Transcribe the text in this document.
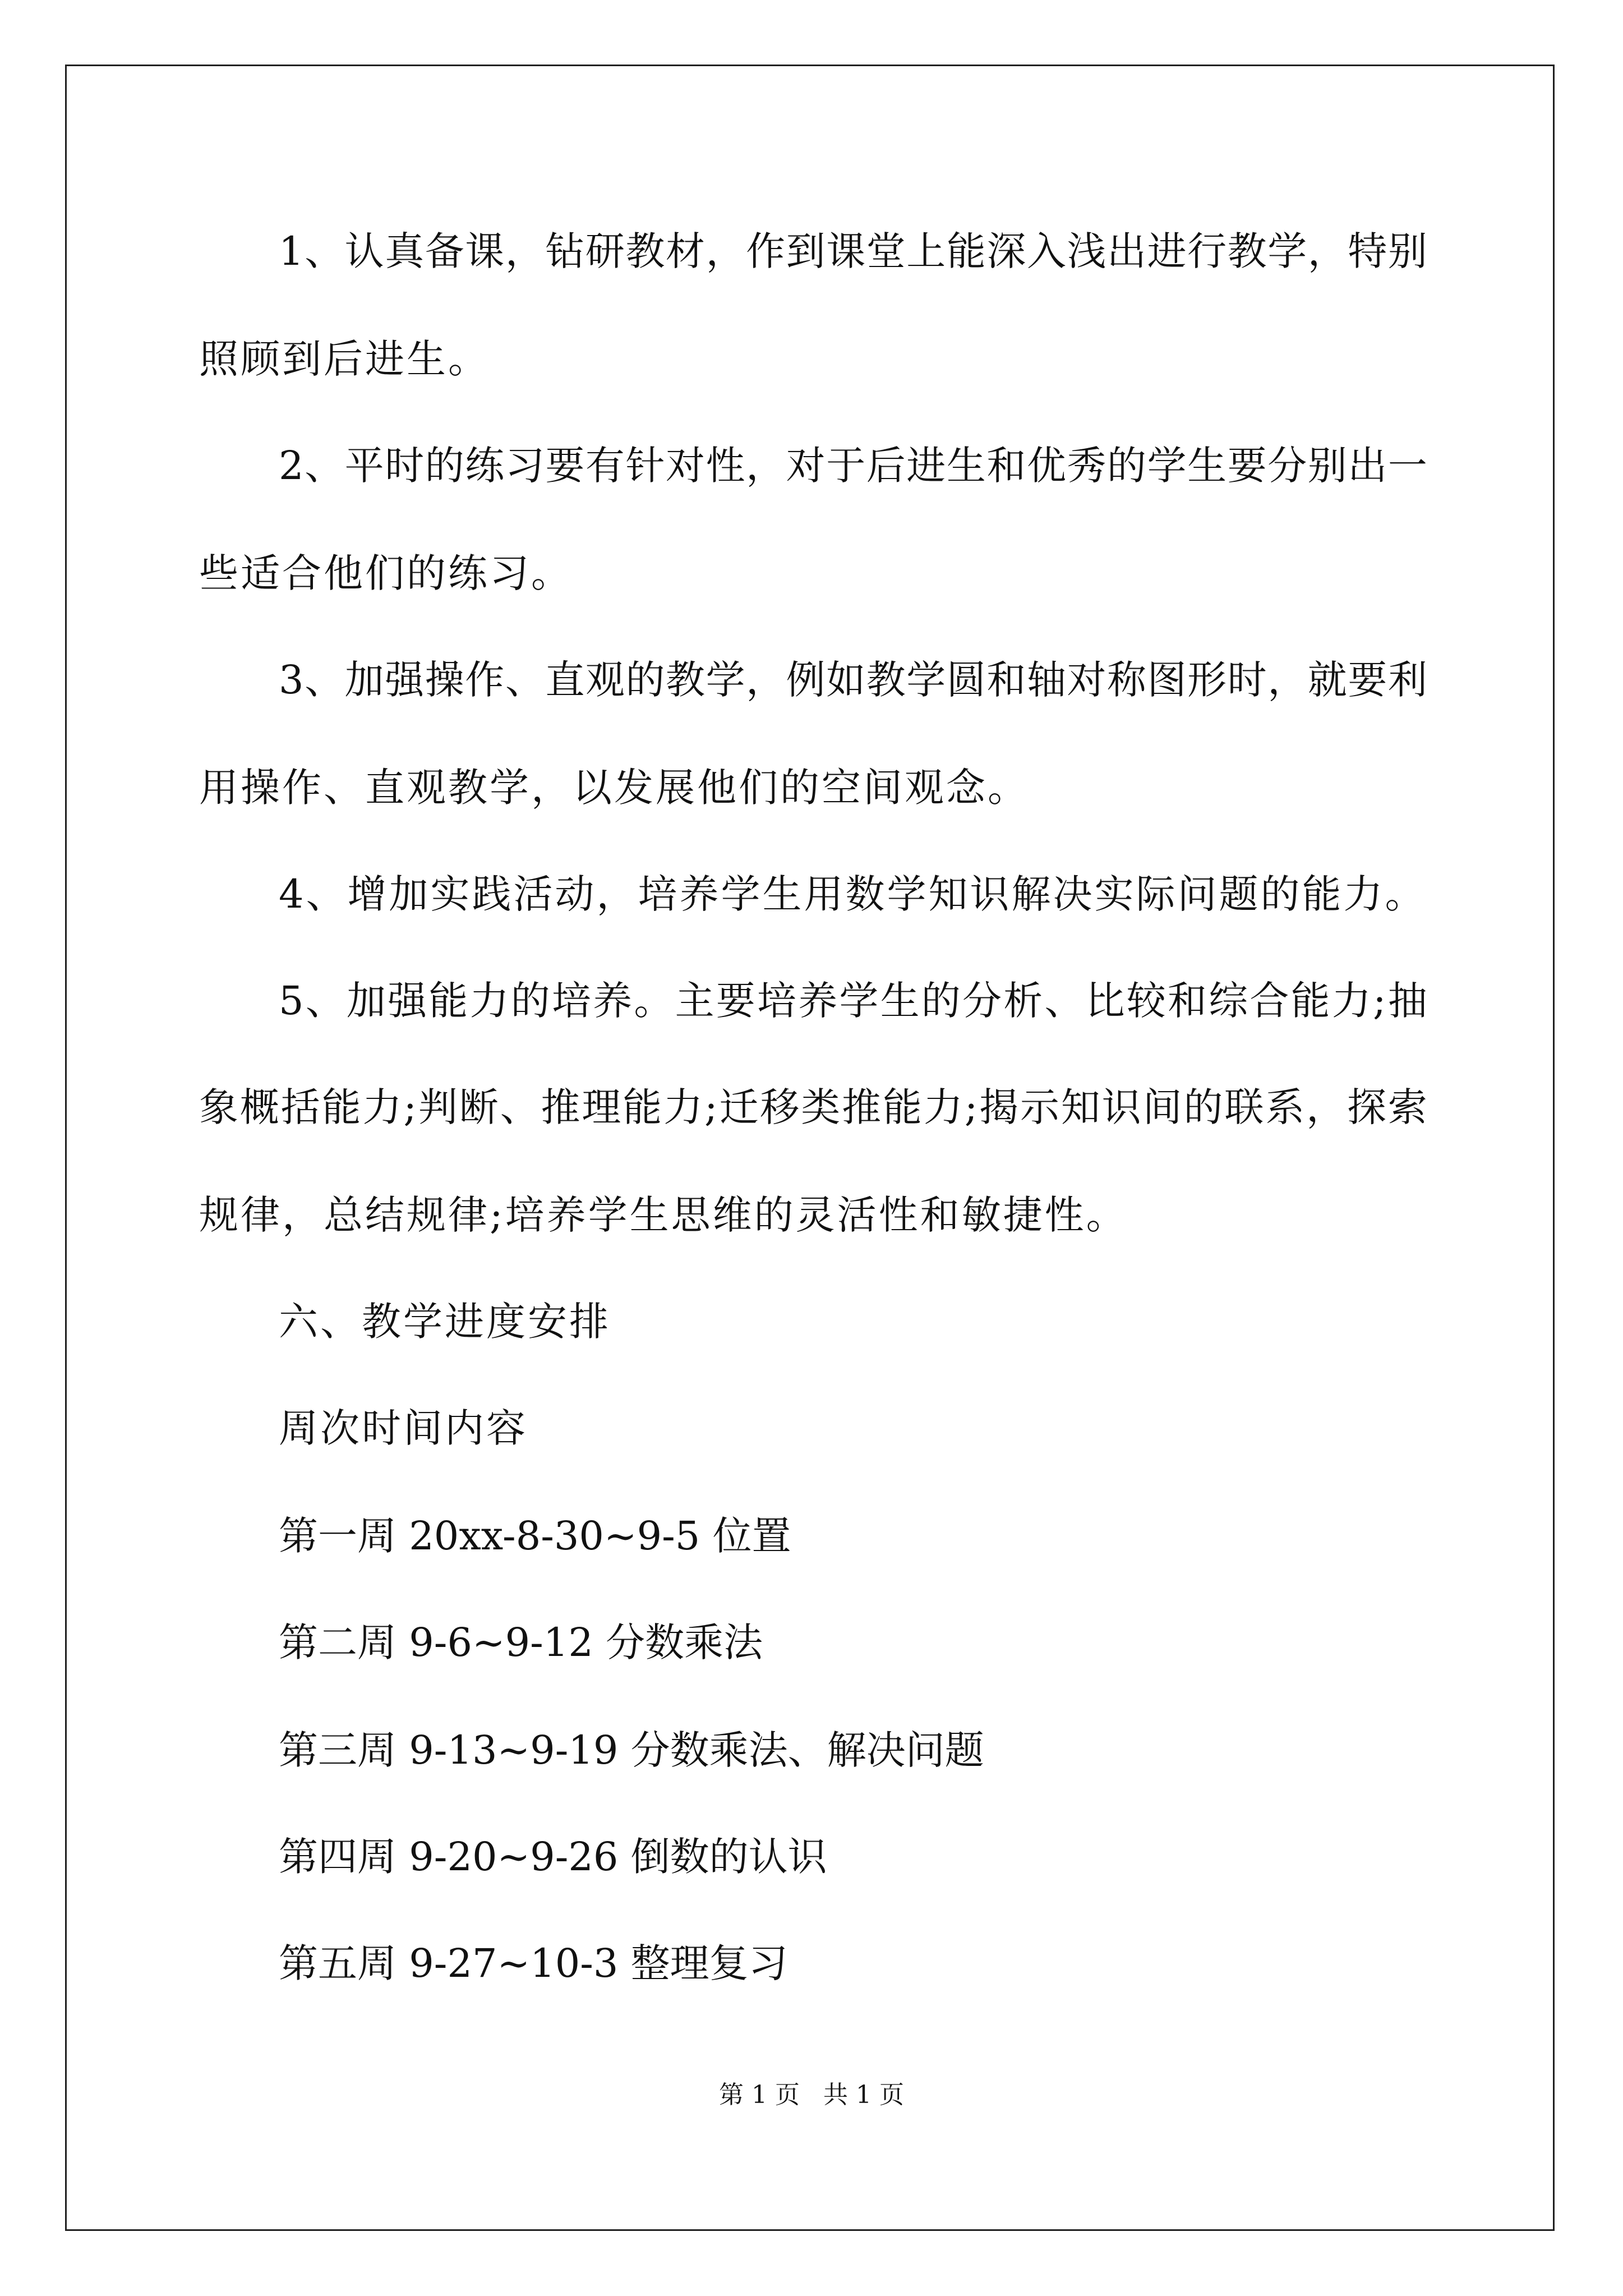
1 、 认 真 备 课 ， 钻 研 教 材 ， 作 到 课 堂 上 能 深 入 浅 出 进 行 教 学 ， 特 别
照顾到后进生。
2 、 平 时 的 练 习 要 有 针 对 性 ， 对 于 后 进 生 和 优 秀 的 学 生 要 分 别 出 一
些适合他们的练习。
3 、 加 强 操 作 、 直 观 的 教 学 ， 例 如 教 学 圆 和 轴 对 称 图 形 时 ， 就 要 利
用操作、直观教学，以发展他们的空间观念。
4、增加实践活动，培养学生用数学知识解决实际问题的能力。
5 、 加 强 能 力 的 培 养 。 主 要 培 养 学 生 的 分 析 、 比 较 和 综 合 能 力 ; 抽
象 概 括 能 力 ; 判 断 、 推 理 能 力 ; 迁 移 类 推 能 力 ; 揭 示 知 识 间 的 联 系 ， 探 索
规律，总结规律;培养学生思维的灵活性和敏捷性。
六、教学进度安排
周次时间内容
第一周 20xx-8-30~9-5 位置
第二周 9-6~9-12 分数乘法
第三周 9-13~9-19 分数乘法、解决问题
第四周 9-20~9-26 倒数的认识
第五周 9-27~10-3 整理复习
第 1 页   共 1 页
